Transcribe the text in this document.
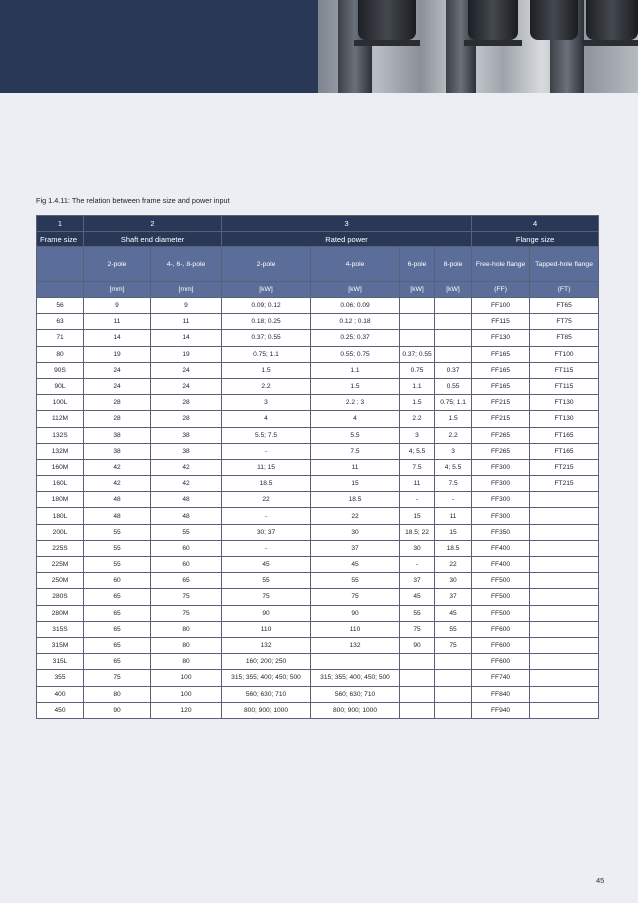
Fig 1.4.11: The relation between frame size and power input
1	2		3				4	
Frame size	Shaft end diameter		Rated power				Flange size	
	2-pole	4-, 6-, 8-pole	2-pole	4-pole	6-pole	8-pole	Free-hole flange	Tapped-hole flange
	[mm]	[mm]	[kW]	[kW]	[kW]	[kW]	(FF)	(FT)
56	9	9	0.09; 0.12	0.06; 0.09			FF100	FT65
63	11	11	0.18; 0.25	0.12 ; 0.18			FF115	FT75
71	14	14	0.37; 0.55	0.25; 0.37			FF130	FT85
80	19	19	0.75; 1.1	0.55; 0.75	0.37; 0.55		FF165	FT100
90S	24	24	1.5	1.1	0.75	0.37	FF165	FT115
90L	24	24	2.2	1.5	1.1	0.55	FF165	FT115
100L	28	28	3	2.2 ; 3	1.5	0.75; 1.1	FF215	FT130
112M	28	28	4	4	2.2	1.5	FF215	FT130
132S	38	38	5.5; 7.5	5.5	3	2.2	FF265	FT165
132M	38	38	-	7.5	4; 5.5	3	FF265	FT165
160M	42	42	11; 15	11	7.5	4; 5.5	FF300	FT215
160L	42	42	18.5	15	11	7.5	FF300	FT215
180M	48	48	22	18.5	-	-	FF300	
180L	48	48	-	22	15	11	FF300	
200L	55	55	30; 37	30	18.5; 22	15	FF350	
225S	55	60	-	37	30	18.5	FF400	
225M	55	60	45	45	-	22	FF400	
250M	60	65	55	55	37	30	FF500	
280S	65	75	75	75	45	37	FF500	
280M	65	75	90	90	55	45	FF500	
315S	65	80	110	110	75	55	FF600	
315M	65	80	132	132	90	75	FF600	
315L	65	80	160; 200; 250				FF600	
355	75	100	315; 355; 400; 450; 500	315; 355; 400; 450; 500			FF740	
400	80	100	560; 630; 710	560; 630; 710			FF840	
450	90	120	800; 900; 1000	800; 900; 1000			FF940	
45
